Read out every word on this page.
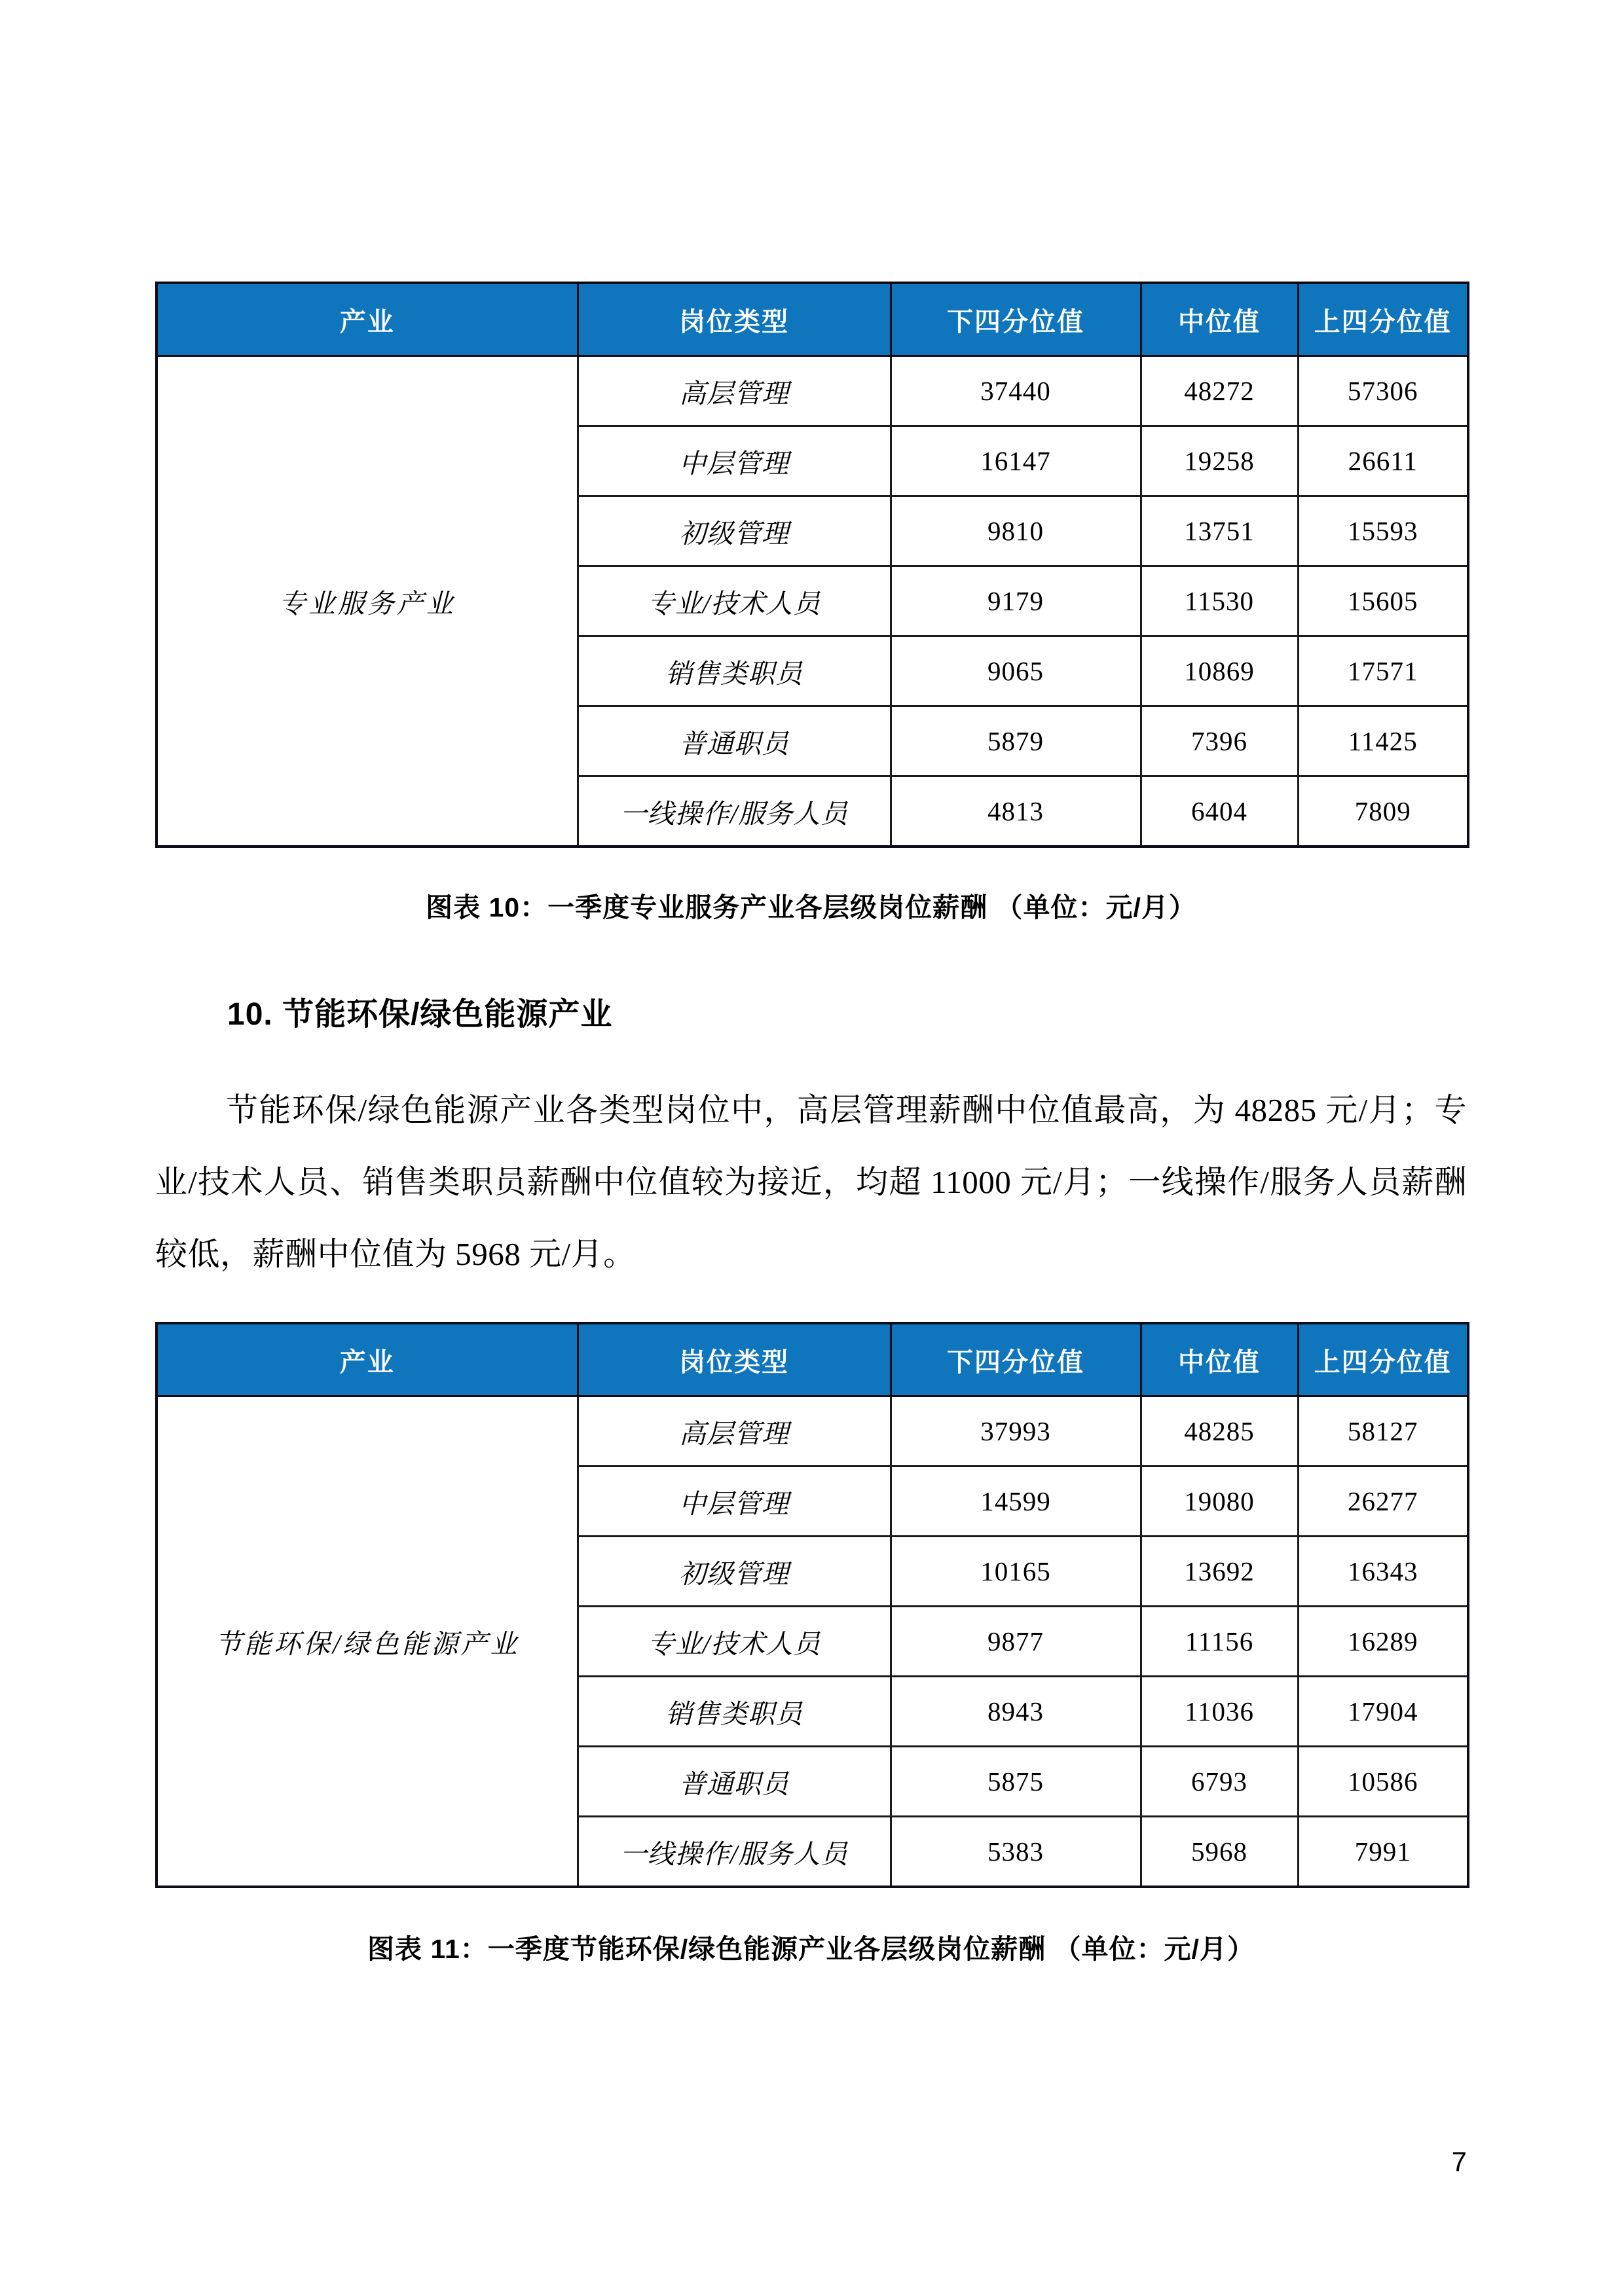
产业	岗位类型	下四分位值	中位值	上四分位值
专业服务产业	高层管理	37440	48272	57306
	中层管理	16147	19258	26611
	初级管理	9810	13751	15593
	专业/技术人员	9179	11530	15605
	销售类职员	9065	10869	17571
	普通职员	5879	7396	11425
	一线操作/服务人员	4813	6404	7809
图表 10：一季度专业服务产业各层级岗位薪酬 （单位：元/月）
10. 节能环保/绿色能源产业
节能环保/绿色能源产业各类型岗位中，高层管理薪酬中位值最高，为 48285 元/月；专业/技术人员、销售类职员薪酬中位值较为接近，均超 11000 元/月；一线操作/服务人员薪酬较低，薪酬中位值为 5968 元/月。
产业	岗位类型	下四分位值	中位值	上四分位值
节能环保/绿色能源产业	高层管理	37993	48285	58127
	中层管理	14599	19080	26277
	初级管理	10165	13692	16343
	专业/技术人员	9877	11156	16289
	销售类职员	8943	11036	17904
	普通职员	5875	6793	10586
	一线操作/服务人员	5383	5968	7991
图表 11：一季度节能环保/绿色能源产业各层级岗位薪酬 （单位：元/月）
7
